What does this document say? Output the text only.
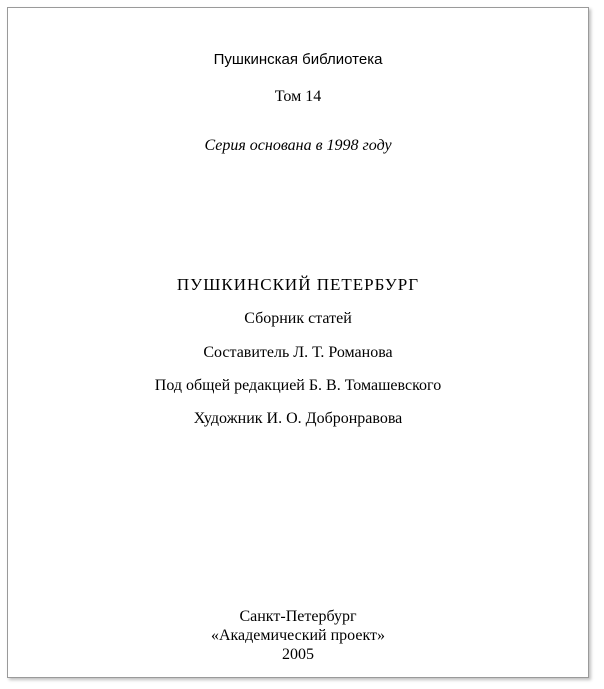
Пушкинская библиотека
Том 14
Серия основана в 1998 году
ПУШКИНСКИЙ ПЕТЕРБУРГ
Сборник статей
Составитель Л. Т. Романова
Под общей редакцией Б. В. Томашевского
Художник И. О. Добронравова
Санкт-Петербург
«Академический проект»
2005
